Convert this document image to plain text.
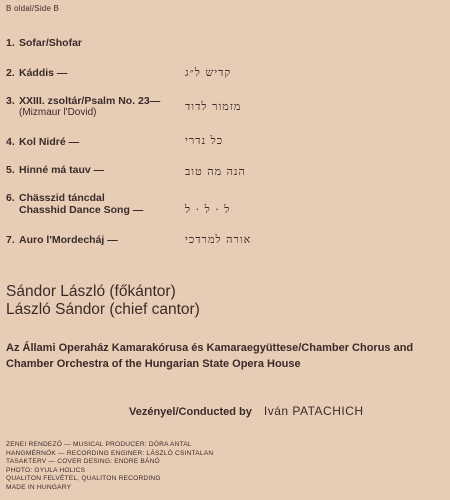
B oldal/Side B
1. Sofar/Shofar
2. Káddis —	קדיש ל״ג
3. XXIII. zsoltár/Psalm No. 23—
(Mizmaur l'Dovid)	מזמור לדוד
4. Kol Nidré —	כל נדרי
5. Hinné má tauv —	הנה מה טוב
6. Chässzid táncdal
Chasshid Dance Song —	ל · ל · ל
7. Auro l'Mordecháj —	אורה למרדכי
Sándor László (főkántor)
László Sándor (chief cantor)
Az Állami Operaház Kamarakórusa és Kamaraegyüttese/Chamber Chorus and Chamber Orchestra of the Hungarian State Opera House
Vezényel/Conducted by Iván PATACHICH
ZENEI RENDEZŐ — MUSICAL PRODUCER: DÓRA ANTAL
HANGMÉRNÖK — RECORDING ENGINER: LÁSZLÓ CSINTALAN
TASAKTERV — COVER DESING: ENDRE BÁNÓ
PHOTO: GYULA HOLICS
QUALITON FELVÉTEL, QUALITON RECORDING
MADE IN HUNGARY
